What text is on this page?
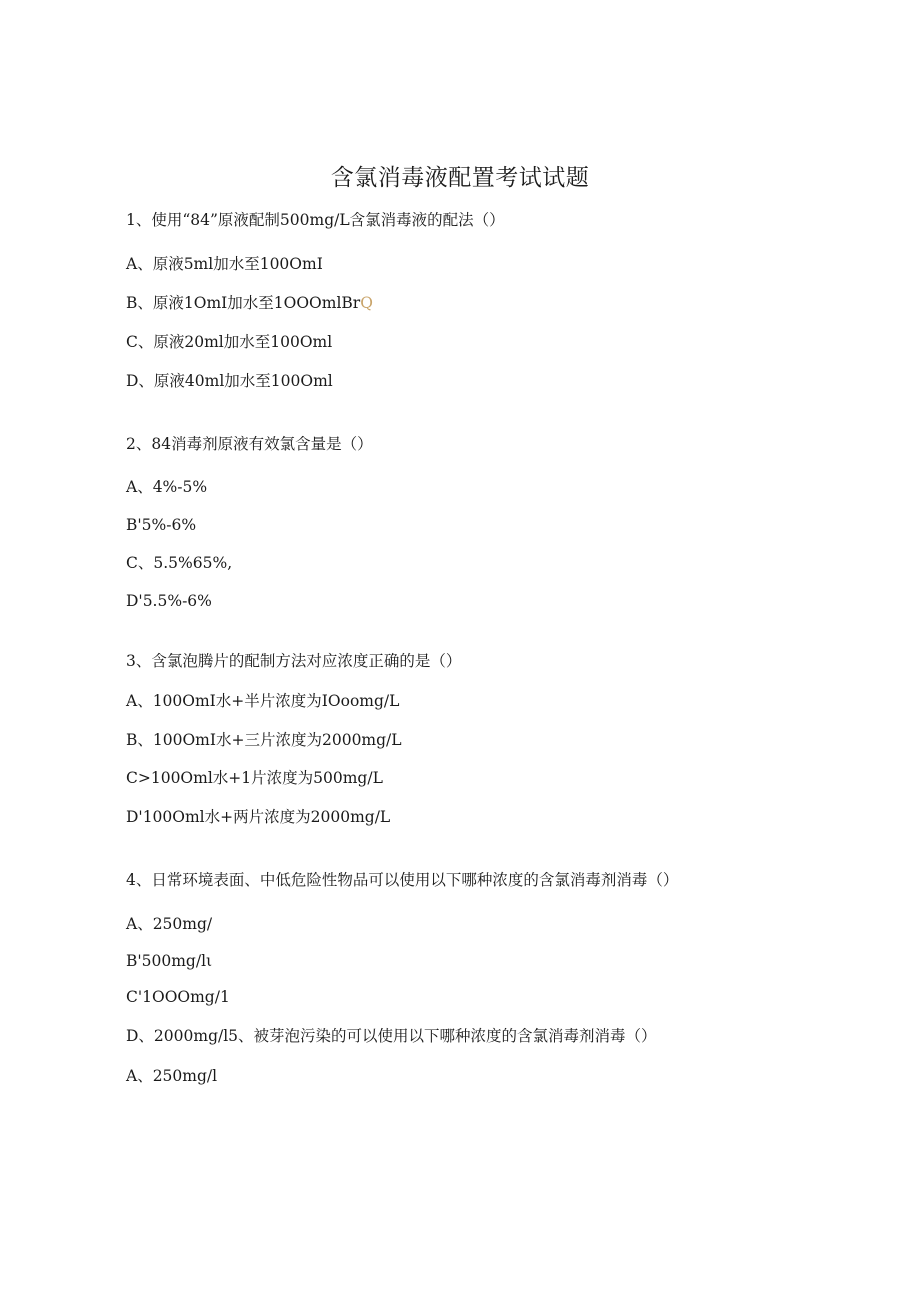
含氯消毒液配置考试试题
1、使用“84”原液配制500mg/L含氯消毒液的配法（）
A、原液5ml加水至100OmI
B、原液1OmI加水至1OOOmlBrQ
C、原液20ml加水至100Oml
D、原液40ml加水至100Oml
2、84消毒剂原液有效氯含量是（）
A、4%-5%
B'5%-6%
C、5.5%65%,
D'5.5%-6%
3、含氯泡腾片的配制方法对应浓度正确的是（）
A、100OmI水+半片浓度为IOoomg/L
B、100OmI水+三片浓度为2000mg/L
C>100Oml水+1片浓度为500mg/L
D'100Oml水+两片浓度为2000mg/L
4、日常环境表面、中低危险性物品可以使用以下哪种浓度的含氯消毒剂消毒（）
A、250mg/
B'500mg/lι
C'1OOOmg/1
D、2000mg/l5、被芽泡污染的可以使用以下哪种浓度的含氯消毒剂消毒（）
A、250mg/l
